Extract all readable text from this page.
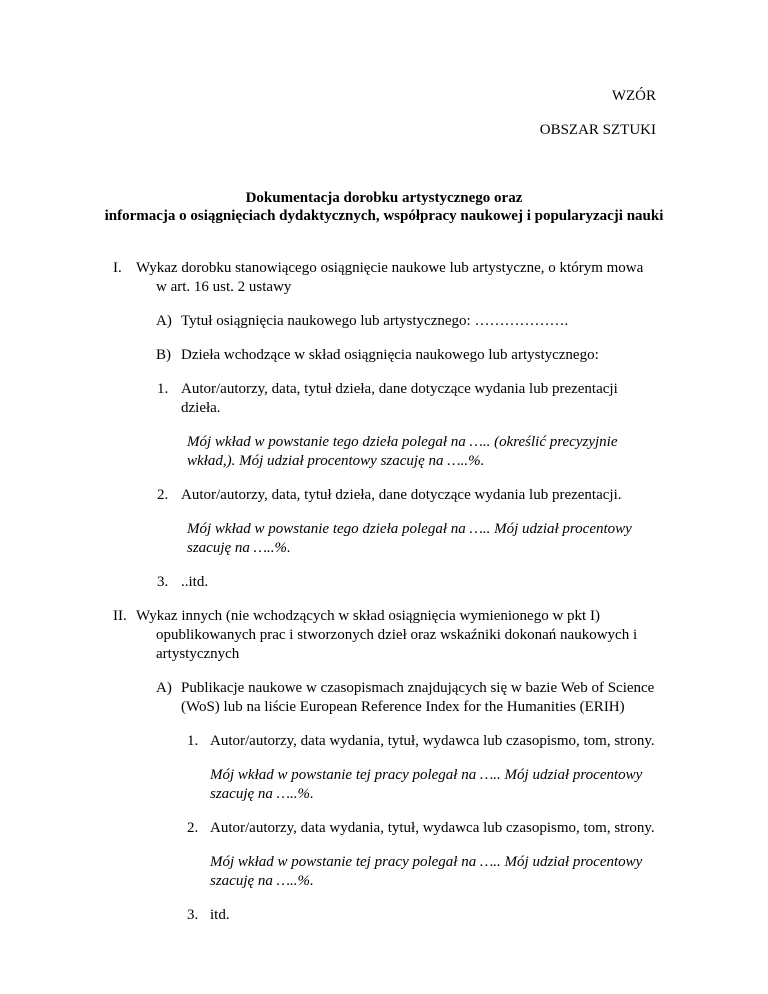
WZÓR
OBSZAR SZTUKI
Dokumentacja dorobku artystycznego oraz
informacja o osiągnięciach dydaktycznych, współpracy naukowej i popularyzacji nauki
I. Wykaz dorobku stanowiącego osiągnięcie naukowe lub artystyczne, o którym mowa
w art. 16 ust. 2 ustawy
A) Tytuł osiągnięcia naukowego lub artystycznego: ……………….
B) Dzieła wchodzące w skład osiągnięcia naukowego lub artystycznego:
1. Autor/autorzy, data, tytuł dzieła, dane dotyczące wydania lub prezentacji
dzieła.
Mój wkład w powstanie tego dzieła polegał na ….. (określić precyzyjnie
wkład,). Mój udział procentowy szacuję na …..%.
2. Autor/autorzy, data, tytuł dzieła, dane dotyczące wydania lub prezentacji.
Mój wkład w powstanie tego dzieła polegał na ….. Mój udział procentowy
szacuję na …..%.
3. ..itd.
II. Wykaz innych (nie wchodzących w skład osiągnięcia wymienionego w pkt I)
opublikowanych prac i stworzonych dzieł oraz wskaźniki dokonań naukowych i
artystycznych
A) Publikacje naukowe w czasopismach znajdujących się w bazie Web of Science
(WoS) lub na liście European Reference Index for the Humanities (ERIH)
1. Autor/autorzy, data wydania, tytuł, wydawca lub czasopismo, tom, strony.
Mój wkład w powstanie tej pracy polegał na ….. Mój udział procentowy
szacuję na …..%.
2. Autor/autorzy, data wydania, tytuł, wydawca lub czasopismo, tom, strony.
Mój wkład w powstanie tej pracy polegał na ….. Mój udział procentowy
szacuję na …..%.
3. itd.
